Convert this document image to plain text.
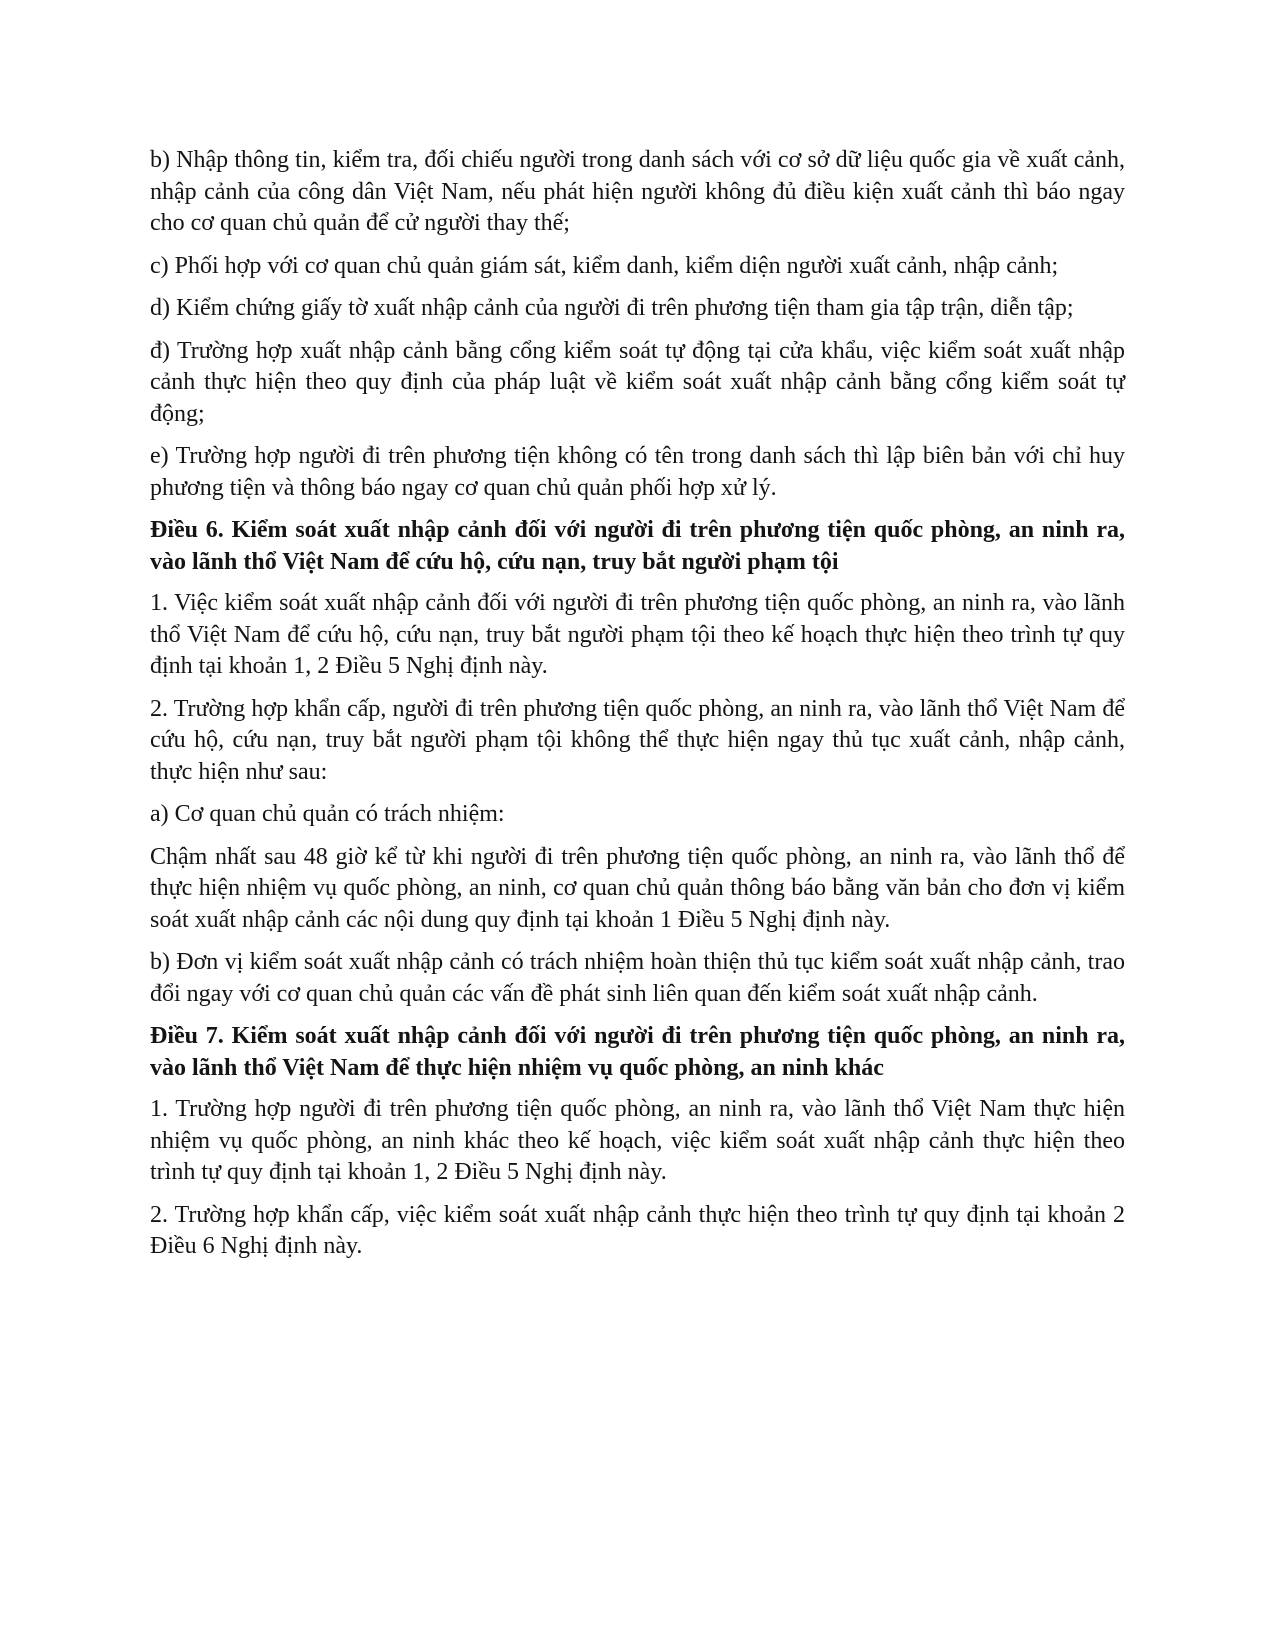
b) Nhập thông tin, kiểm tra, đối chiếu người trong danh sách với cơ sở dữ liệu quốc gia về xuất cảnh, nhập cảnh của công dân Việt Nam, nếu phát hiện người không đủ điều kiện xuất cảnh thì báo ngay cho cơ quan chủ quản để cử người thay thế;

c) Phối hợp với cơ quan chủ quản giám sát, kiểm danh, kiểm diện người xuất cảnh, nhập cảnh;

d) Kiểm chứng giấy tờ xuất nhập cảnh của người đi trên phương tiện tham gia tập trận, diễn tập;

đ) Trường hợp xuất nhập cảnh bằng cổng kiểm soát tự động tại cửa khẩu, việc kiểm soát xuất nhập cảnh thực hiện theo quy định của pháp luật về kiểm soát xuất nhập cảnh bằng cổng kiểm soát tự động;

e) Trường hợp người đi trên phương tiện không có tên trong danh sách thì lập biên bản với chỉ huy phương tiện và thông báo ngay cơ quan chủ quản phối hợp xử lý.

Điều 6. Kiểm soát xuất nhập cảnh đối với người đi trên phương tiện quốc phòng, an ninh ra, vào lãnh thổ Việt Nam để cứu hộ, cứu nạn, truy bắt người phạm tội

1. Việc kiểm soát xuất nhập cảnh đối với người đi trên phương tiện quốc phòng, an ninh ra, vào lãnh thổ Việt Nam để cứu hộ, cứu nạn, truy bắt người phạm tội theo kế hoạch thực hiện theo trình tự quy định tại khoản 1, 2 Điều 5 Nghị định này.

2. Trường hợp khẩn cấp, người đi trên phương tiện quốc phòng, an ninh ra, vào lãnh thổ Việt Nam để cứu hộ, cứu nạn, truy bắt người phạm tội không thể thực hiện ngay thủ tục xuất cảnh, nhập cảnh, thực hiện như sau:

a) Cơ quan chủ quản có trách nhiệm:

Chậm nhất sau 48 giờ kể từ khi người đi trên phương tiện quốc phòng, an ninh ra, vào lãnh thổ để thực hiện nhiệm vụ quốc phòng, an ninh, cơ quan chủ quản thông báo bằng văn bản cho đơn vị kiểm soát xuất nhập cảnh các nội dung quy định tại khoản 1 Điều 5 Nghị định này.

b) Đơn vị kiểm soát xuất nhập cảnh có trách nhiệm hoàn thiện thủ tục kiểm soát xuất nhập cảnh, trao đổi ngay với cơ quan chủ quản các vấn đề phát sinh liên quan đến kiểm soát xuất nhập cảnh.

Điều 7. Kiểm soát xuất nhập cảnh đối với người đi trên phương tiện quốc phòng, an ninh ra, vào lãnh thổ Việt Nam để thực hiện nhiệm vụ quốc phòng, an ninh khác

1. Trường hợp người đi trên phương tiện quốc phòng, an ninh ra, vào lãnh thổ Việt Nam thực hiện nhiệm vụ quốc phòng, an ninh khác theo kế hoạch, việc kiểm soát xuất nhập cảnh thực hiện theo trình tự quy định tại khoản 1, 2 Điều 5 Nghị định này.

2. Trường hợp khẩn cấp, việc kiểm soát xuất nhập cảnh thực hiện theo trình tự quy định tại khoản 2 Điều 6 Nghị định này.
